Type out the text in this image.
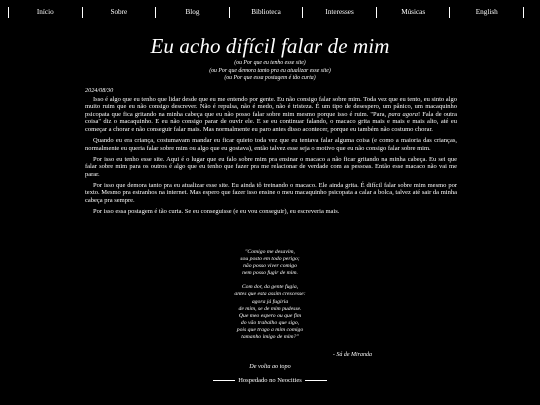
Início	Sobre	Blog	Biblioteca	Interesses	Músicas	English
Eu acho difícil falar de mim
(ou Por que eu tenho esse site)
(ou Por que demora tanto pra eu atualizar esse site)
(ou Por que essa postagem é tão curta)
2024/08/30

Isso é algo que eu tenho que lidar desde que eu me entendo por gente. Eu não consigo falar sobre mim. Toda vez que eu tento, eu sinto algo muito ruim que eu não consigo descrever. Não é repulsa, não é medo, não é tristeza. É um tipo de desespero, um pânico, um macaquinho psicopata que fica gritando na minha cabeça que eu não posso falar sobre mim mesmo porque isso é ruim. "Para, para agora! Fala de outra coisa" diz o macaquinho. E eu não consigo parar de ouvir ele. E se eu continuar falando, o macaco grita mais e mais e mais alto, até eu começar a chorar e não conseguir falar mais. Mas normalmente eu paro antes disso acontecer, porque eu também não costumo chorar.

Quando eu era criança, costumavam mandar eu ficar quieto toda vez que eu tentava falar alguma coisa (e como a maioria das crianças, normalmente eu queria falar sobre mim ou algo que eu gostava), então talvez esse seja o motivo que eu não consigo falar sobre mim.

Por isso eu tenho esse site. Aqui é o lugar que eu falo sobre mim pra ensinar o macaco a não ficar gritando na minha cabeça. Eu sei que falar sobre mim para os outros é algo que eu tenho que fazer pra me relacionar de verdade com as pessoas. Então esse macaco não vai me parar.

Por isso que demora tanto pra eu atualizar esse site. Eu ainda tô treinando o macaco. Ele ainda grita. É difícil falar sobre mim mesmo por texto. Mesmo pra estranhos na internet. Mas espero que fazer isso ensine o meu macaquinho psicopata a calar a bolca, talvez até sair da minha cabeça pra sempre.

Por isso essa postagem é tão curta. Se eu conseguisse (e eu vou conseguir), eu escreveria mais.

"Comigo me desavim,
sou posto em todo perigo;
não posso viver comigo
nem posso fugir de mim.
Com dor, da gente fugia,
antes que esta assim crescesse:
agora já fugiria
de mim, se de mim pudesse.
Que meo espero ou que fim
do vão trabalho que sigo,
pois que trago a mim comigo
tamanho imigo de mim?"
- Sá de Miranda
De volta ao topo
Hospedado no Neocities
